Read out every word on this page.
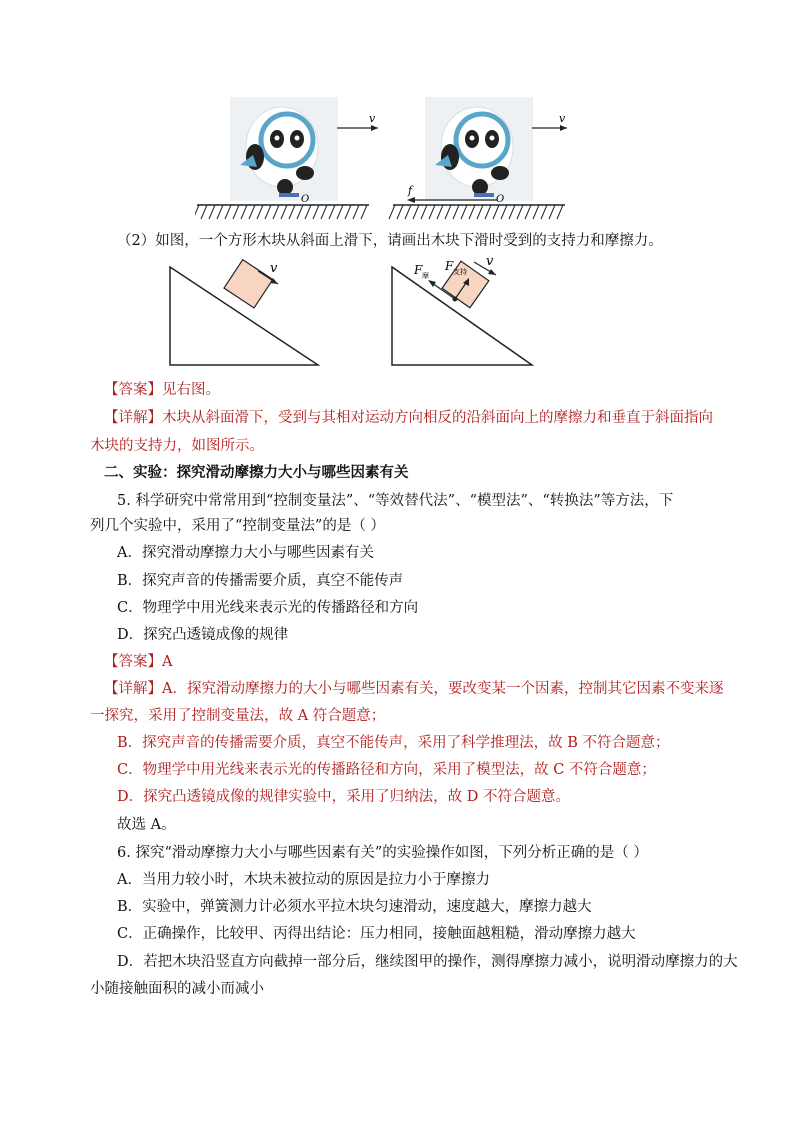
v
O
v
O
f
（2）如图，一个方形木块从斜面上滑下，请画出木块下滑时受到的支持力和摩擦力。
v	v
F 摩
F 支持
【答案】见右图。
【详解】木块从斜面滑下，受到与其相对运动方向相反的沿斜面向上的摩擦力和垂直于斜面指向
木块的支持力，如图所示。
二、实验：探究滑动摩擦力大小与哪些因素有关
5. 科学研究中常常用到“控制变量法”、“等效替代法”、“模型法”、“转换法”等方法，下
列几个实验中，采用了“控制变量法”的是（ ）
A．探究滑动摩擦力大小与哪些因素有关
B．探究声音的传播需要介质，真空不能传声
C．物理学中用光线来表示光的传播路径和方向
D．探究凸透镜成像的规律
【答案】A
【详解】A．探究滑动摩擦力的大小与哪些因素有关，要改变某一个因素，控制其它因素不变来逐
一探究，采用了控制变量法，故 A 符合题意；
B．探究声音的传播需要介质，真空不能传声，采用了科学推理法，故 B 不符合题意；
C．物理学中用光线来表示光的传播路径和方向，采用了模型法，故 C 不符合题意；
D．探究凸透镜成像的规律实验中，采用了归纳法，故 D 不符合题意。
故选 A。
6. 探究“滑动摩擦力大小与哪些因素有关”的实验操作如图，下列分析正确的是（ ）
A．当用力较小时，木块未被拉动的原因是拉力小于摩擦力
B．实验中，弹簧测力计必须水平拉木块匀速滑动，速度越大，摩擦力越大
C．正确操作，比较甲、丙得出结论：压力相同，接触面越粗糙，滑动摩擦力越大
D．若把木块沿竖直方向截掉一部分后，继续图甲的操作，测得摩擦力减小，说明滑动摩擦力的大
小随接触面积的减小而减小
